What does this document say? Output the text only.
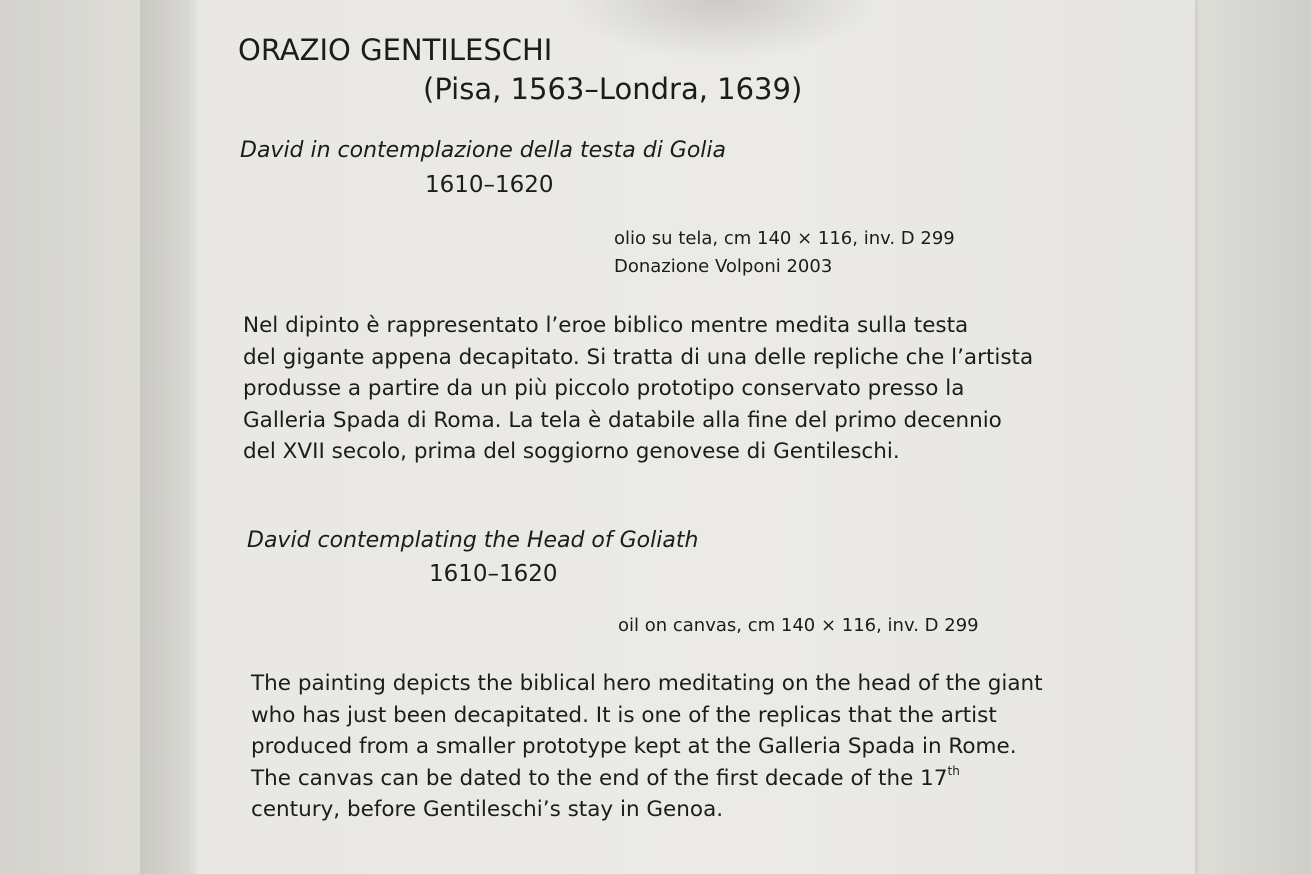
ORAZIO GENTILESCHI
(Pisa, 1563–Londra, 1639)
David in contemplazione della testa di Golia
1610–1620
olio su tela, cm 140 × 116, inv. D 299
Donazione Volponi 2003
Nel dipinto è rappresentato l’eroe biblico mentre medita sulla testa
del gigante appena decapitato. Si tratta di una delle repliche che l’artista
produsse a partire da un più piccolo prototipo conservato presso la
Galleria Spada di Roma. La tela è databile alla fine del primo decennio
del XVII secolo, prima del soggiorno genovese di Gentileschi.
David contemplating the Head of Goliath
1610–1620
oil on canvas, cm 140 × 116, inv. D 299
The painting depicts the biblical hero meditating on the head of the giant
who has just been decapitated. It is one of the replicas that the artist
produced from a smaller prototype kept at the Galleria Spada in Rome.
The canvas can be dated to the end of the first decade of the 17th
century, before Gentileschi’s stay in Genoa.
